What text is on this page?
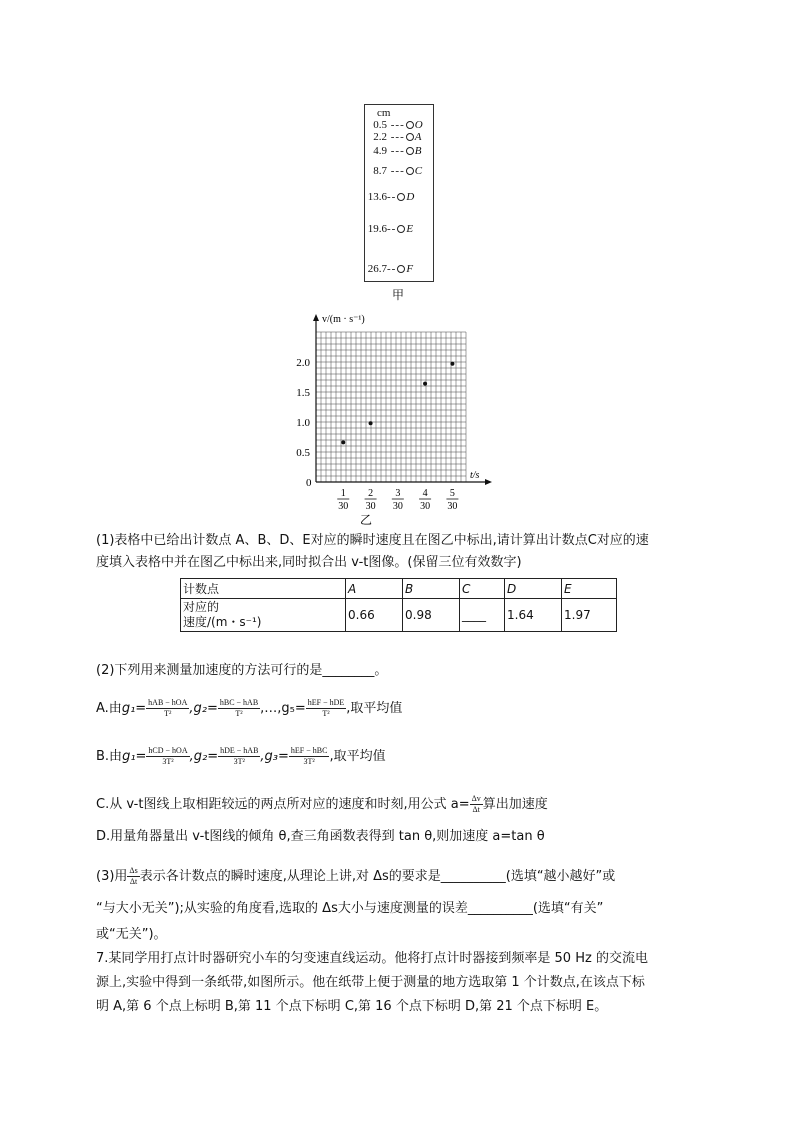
cm
0.5 --- O
2.2 --- A
4.9 --- B
8.7 --- C
13.6-- D
19.6-- E
26.7-- F
甲
v/(m · s⁻¹)
t/s
0
0.5
1.0
1.5
2.0
1
30
2
30
3
30
4
30
5
30
乙
(1)表格中已给出计数点 A、B、D、E对应的瞬时速度且在图乙中标出,请计算出计数点C对应的速
度填入表格中并在图乙中标出来,同时拟合出 v-t图像。(保留三位有效数字)
计数点	A	B	C	D	E
对应的
速度/(m・s⁻¹)	0.66	0.98	____	1.64	1.97
(2)下列用来测量加速度的方法可行的是________。
A.由$g_1= \frac{\text{hAB − hOA}}{\text{T²}} ,g_2= \frac{\text{hBC − hAB}}{\text{T²}}$ ,…,g₅= $\frac{\text{hEF − hDE}}{\text{T²}}$ ,取平均值
B.由$g_1= \frac{\text{hCD − hOA}}{\text{3T²}} ,g_2= \frac{\text{hDE − hAB}}{\text{3T²}} ,g_3= \frac{\text{hEF − hBC}}{\text{3T²}}$ ,取平均值
C.从 v-t图线上取相距较远的两点所对应的速度和时刻,用公式 $a= \frac{\Delta v}{\Delta t}$ 算出加速度
D.用量角器量出 v-t图线的倾角 θ,查三角函数表得到 tan θ,则加速度 a=tan θ
(3)用 $\frac{\Delta s}{\Delta t}$ 表示各计数点的瞬时速度,从理论上讲,对 Δs的要求是__________(选填“越小越好”或
“与大小无关”);从实验的角度看,选取的 Δs大小与速度测量的误差__________(选填“有关”
或“无关”)。
7.某同学用打点计时器研究小车的匀变速直线运动。他将打点计时器接到频率是 50 Hz 的交流电
源上,实验中得到一条纸带,如图所示。他在纸带上便于测量的地方选取第 1 个计数点,在该点下标
明 A,第 6 个点上标明 B,第 11 个点下标明 C,第 16 个点下标明 D,第 21 个点下标明 E。
